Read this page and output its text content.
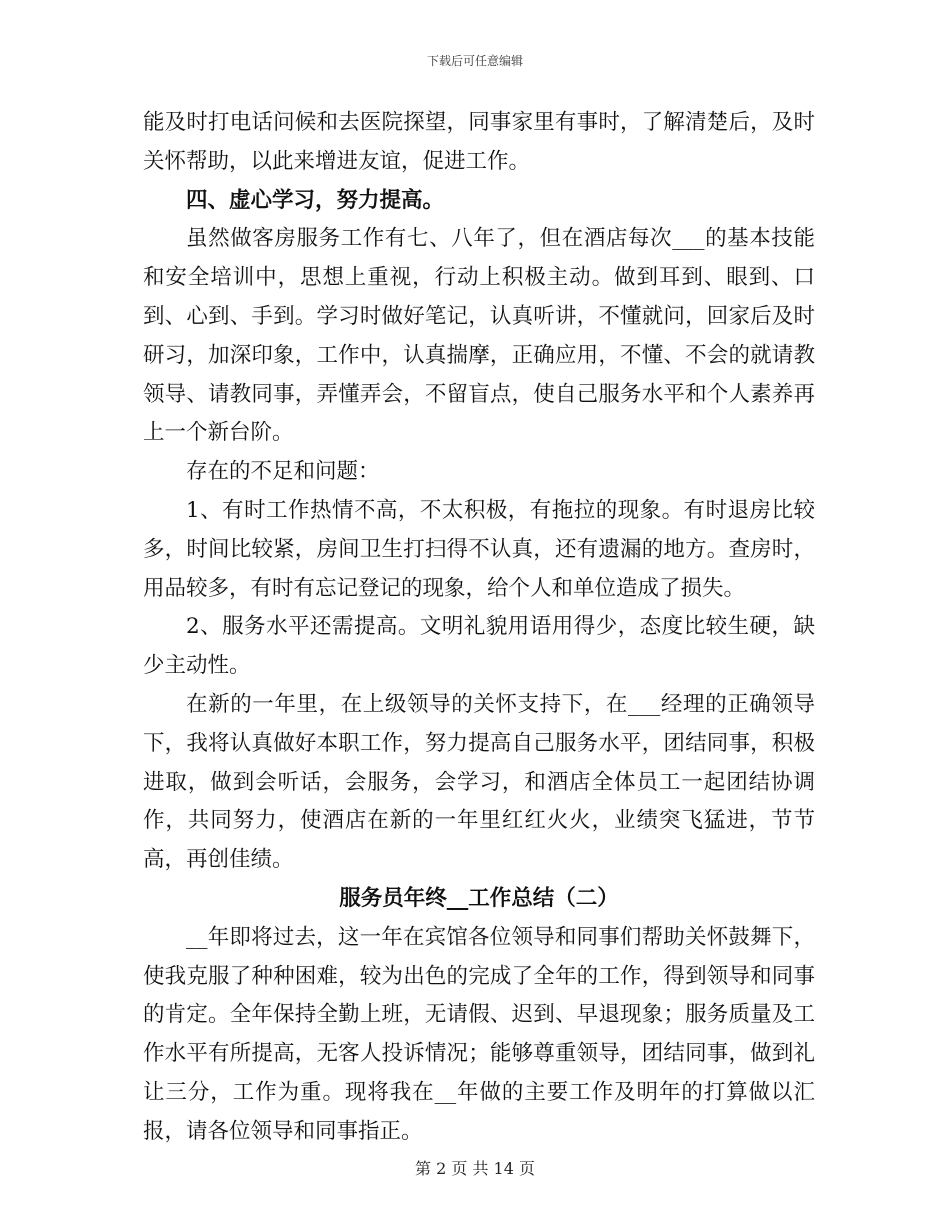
下载后可任意编辑

能及时打电话问候和去医院探望，同事家里有事时，了解清楚后，及时关怀帮助，以此来增进友谊，促进工作。

四、虚心学习，努力提高。

虽然做客房服务工作有七、八年了，但在酒店每次___的基本技能和安全培训中，思想上重视，行动上积极主动。做到耳到、眼到、口到、心到、手到。学习时做好笔记，认真听讲，不懂就问，回家后及时研习，加深印象，工作中，认真揣摩，正确应用，不懂、不会的就请教领导、请教同事，弄懂弄会，不留盲点，使自己服务水平和个人素养再上一个新台阶。

存在的不足和问题：

1、有时工作热情不高，不太积极，有拖拉的现象。有时退房比较多，时间比较紧，房间卫生打扫得不认真，还有遗漏的地方。查房时，用品较多，有时有忘记登记的现象，给个人和单位造成了损失。

2、服务水平还需提高。文明礼貌用语用得少，态度比较生硬，缺少主动性。

在新的一年里，在上级领导的关怀支持下，在___经理的正确领导下，我将认真做好本职工作，努力提高自己服务水平，团结同事，积极进取，做到会听话，会服务，会学习，和酒店全体员工一起团结协调作，共同努力，使酒店在新的一年里红红火火，业绩突飞猛进，节节高，再创佳绩。

服务员年终__工作总结（二）

__年即将过去，这一年在宾馆各位领导和同事们帮助关怀鼓舞下，使我克服了种种困难，较为出色的完成了全年的工作，得到领导和同事的肯定。全年保持全勤上班，无请假、迟到、早退现象；服务质量及工作水平有所提高，无客人投诉情况；能够尊重领导，团结同事，做到礼让三分，工作为重。现将我在__年做的主要工作及明年的打算做以汇报，请各位领导和同事指正。

第 2 页 共 14 页
